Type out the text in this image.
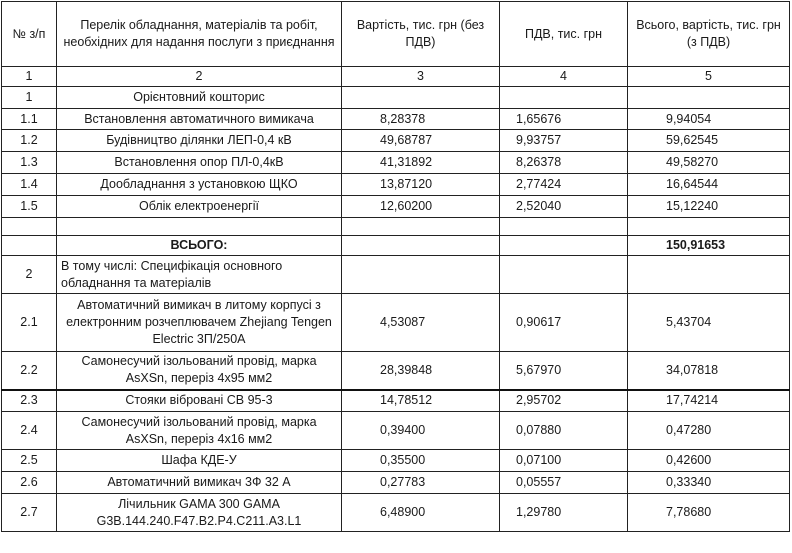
№ з/п	Перелік обладнання, матеріалів та робіт, необхідних для надання послуги з приєднання	Вартість, тис. грн (без ПДВ)	ПДВ, тис. грн	Всього, вартість, тис. грн (з ПДВ)
1	2	3	4	5
1	Орієнтовний кошторис			
1.1	Встановлення автоматичного вимикача	8,28378	1,65676	9,94054
1.2	Будівництво ділянки ЛЕП-0,4 кВ	49,68787	9,93757	59,62545
1.3	Встановлення опор ПЛ-0,4кВ	41,31892	8,26378	49,58270
1.4	Дообладнання з установкою ЩКО	13,87120	2,77424	16,64544
1.5	Облік електроенергії	12,60200	2,52040	15,12240

	ВСЬОГО:			150,91653
2	В тому числі: Специфікація основного обладнання та матеріалів			
2.1	Автоматичний вимикач в литому корпусі з електронним розчеплювачем Zhejiang Tengen Electric 3П/250А	4,53087	0,90617	5,43704
2.2	Самонесучий ізольований провід, марка AsXSn, переріз 4х95 мм2	28,39848	5,67970	34,07818
2.3	Стояки вібровані СВ 95-3	14,78512	2,95702	17,74214
2.4	Самонесучий ізольований провід, марка AsXSn, переріз 4х16 мм2	0,39400	0,07880	0,47280
2.5	Шафа КДЕ-У	0,35500	0,07100	0,42600
2.6	Автоматичний вимикач 3Ф 32 А	0,27783	0,05557	0,33340
2.7	Лічильник GAMA 300 GAMA G3B.144.240.F47.B2.P4.C211.A3.L1	6,48900	1,29780	7,78680
